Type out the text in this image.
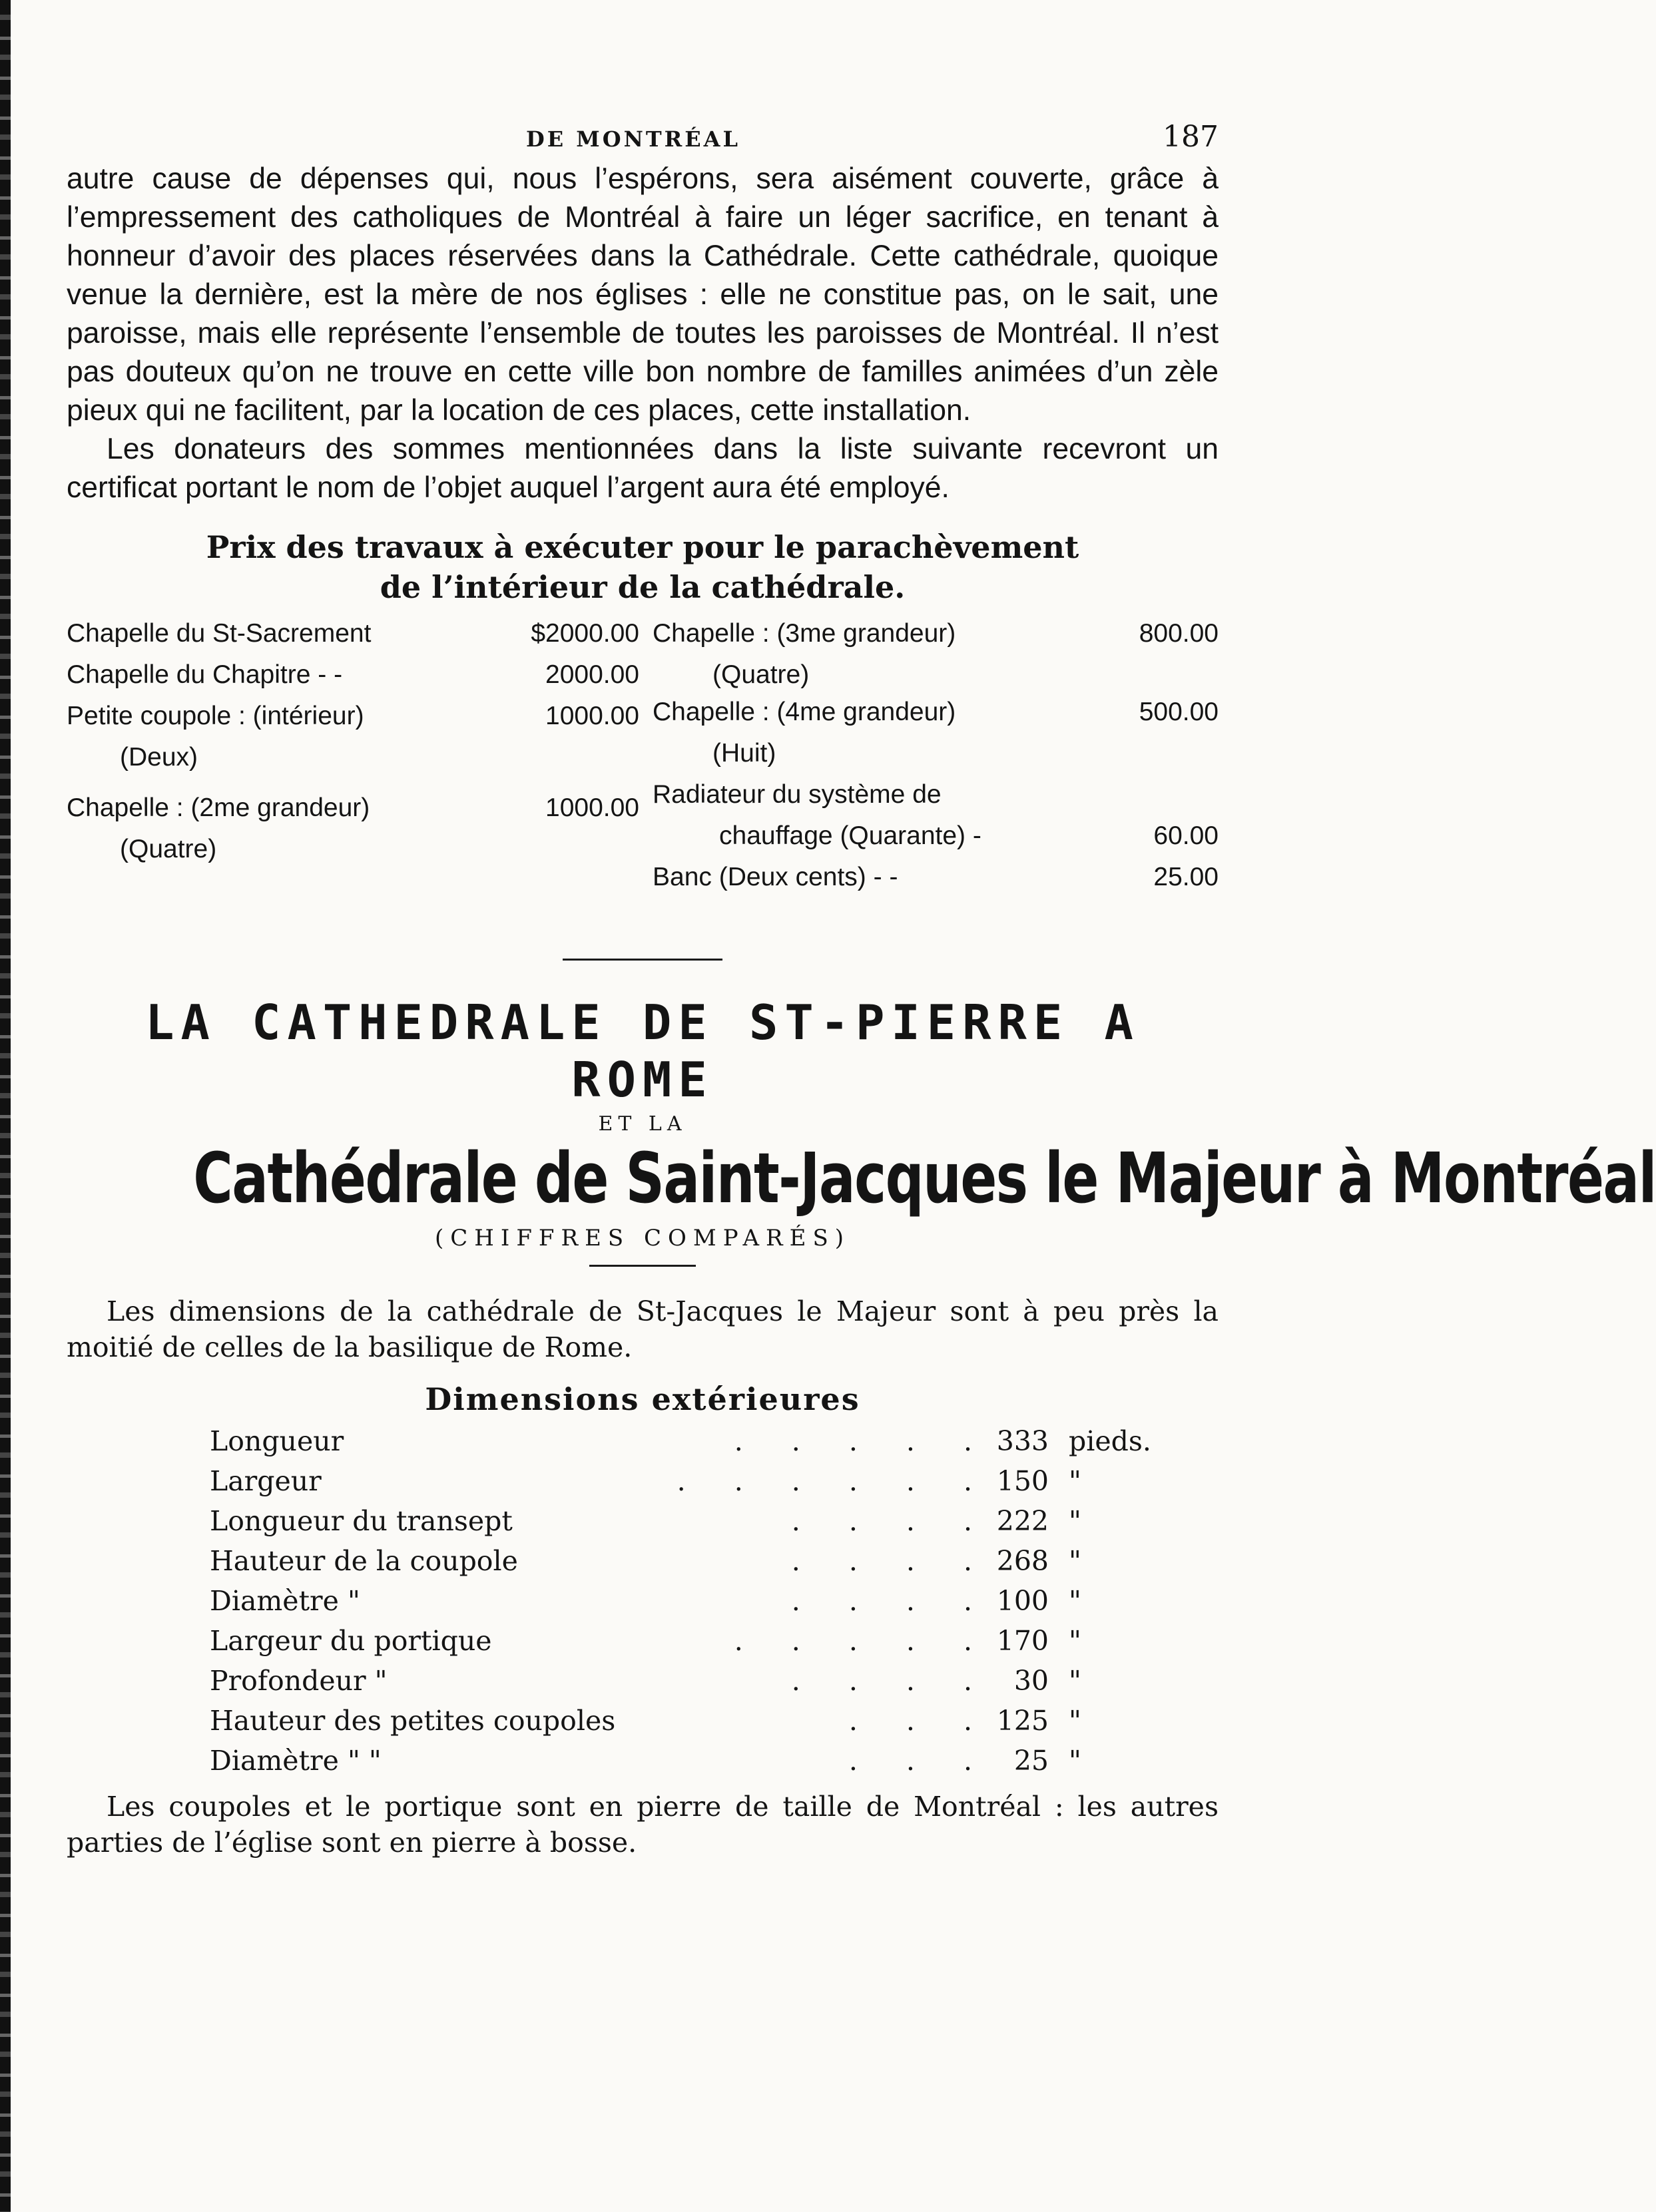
DE MONTRÉAL	187

autre cause de dépenses qui, nous l’espérons, sera aisément couverte, grâce à l’empressement des catholiques de Montréal à faire un léger sacrifice, en tenant à honneur d’avoir des places réservées dans la Cathédrale. Cette cathédrale, quoique venue la dernière, est la mère de nos églises : elle ne constitue pas, on le sait, une paroisse, mais elle représente l’ensemble de toutes les paroisses de Montréal. Il n’est pas douteux qu’on ne trouve en cette ville bon nombre de familles animées d’un zèle pieux qui ne facilitent, par la location de ces places, cette installation.

Les donateurs des sommes mentionnées dans la liste suivante recevront un certificat portant le nom de l’objet auquel l’argent aura été employé.

Prix des travaux à exécuter pour le parachèvement
de l’intérieur de la cathédrale.
Chapelle du St-Sacrement	$2000.00
Chapelle du Chapitre - -	2000.00
Petite coupole : (intérieur)	1000.00
(Deux)
Chapelle : (2me grandeur)	1000.00
(Quatre)
Chapelle : (3me grandeur)	800.00
(Quatre)
Chapelle : (4me grandeur)	500.00
(Huit)
Radiateur du système de
chauffage (Quarante) -	60.00
Banc (Deux cents) - -	25.00
LA CATHEDRALE DE ST-PIERRE A ROME
ET LA
Cathédrale de Saint-Jacques le Majeur à Montréal
(CHIFFRES COMPARÉS)

Les dimensions de la cathédrale de St-Jacques le Majeur sont à peu près la moitié de celles de la basilique de Rome.

Dimensions extérieures
Longueur	. . . . . 333 pieds.
Largeur	. . . . . . 150 "
Longueur du transept	. . . . 222 "
Hauteur de la coupole	. . . . 268 "
Diamètre "	. . . . 100 "
Largeur du portique	. . . . . 170 "
Profondeur "	. . . . 30 "
Hauteur des petites coupoles	. . . 125 "
Diamètre " "	. . . 25 "

Les coupoles et le portique sont en pierre de taille de Montréal : les autres parties de l’église sont en pierre à bosse.
